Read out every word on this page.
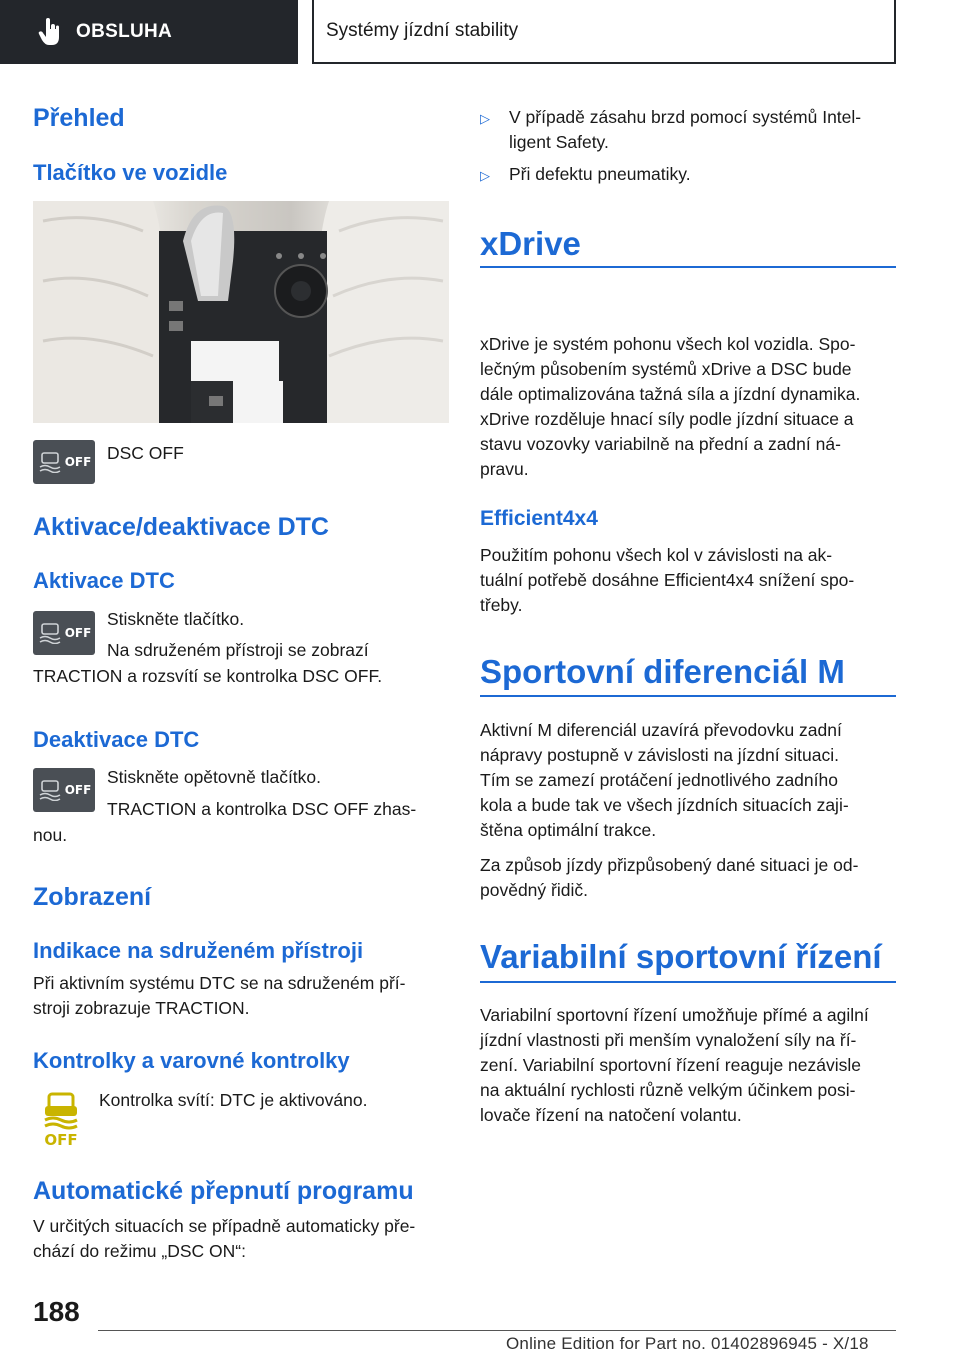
OBSLUHA	Systémy jízdní stability
Přehled
Tlačítko ve vozidle
OFF DSC OFF

Aktivace/deaktivace DTC
Aktivace DTC
OFF

Stiskněte tlačítko.

Na sdruženém přístroji se zobrazí

TRACTION a rozsvítí se kontrolka DSC OFF.

Deaktivace DTC
OFF

Stiskněte opětovně tlačítko.

TRACTION a kontrolka DSC OFF zhas‐

nou.

Zobrazení
Indikace na sdruženém přístroji

Při aktivním systému DTC se na sdruženém pří‐

stroji zobrazuje TRACTION.

Kontrolky a varovné kontrolky
OFF

Kontrolka svítí: DTC je aktivováno.

Automatické přepnutí programu

V určitých situacích se případně automaticky pře‐

chází do režimu „DSC ON“:

▷ V případě zásahu brzd pomocí systémů Intel‐
ligent Safety.
▷ Při defektu pneumatiky.
xDrive

xDrive je systém pohonu všech kol vozidla. Spo‐

lečným působením systémů xDrive a DSC bude

dále optimalizována tažná síla a jízdní dynamika.

xDrive rozděluje hnací síly podle jízdní situace a

stavu vozovky variabilně na přední a zadní ná‐

pravu.

Efficient4x4

Použitím pohonu všech kol v závislosti na ak‐

tuální potřebě dosáhne Efficient4x4 snížení spo‐

třeby.

Sportovní diferenciál M

Aktivní M diferenciál uzavírá převodovku zadní

nápravy postupně v závislosti na jízdní situaci.

Tím se zamezí protáčení jednotlivého zadního

kola a bude tak ve všech jízdních situacích zaji‐

štěna optimální trakce.

Za způsob jízdy přizpůsobený dané situaci je od‐

povědný řidič.

Variabilní sportovní řízení

Variabilní sportovní řízení umožňuje přímé a agilní

jízdní vlastnosti při menším vynaložení síly na ří‐

zení. Variabilní sportovní řízení reaguje nezávisle

na aktuální rychlosti různě velkým účinkem posi‐

lovače řízení na natočení volantu.

188
Online Edition for Part no. 01402896945 - X/18
